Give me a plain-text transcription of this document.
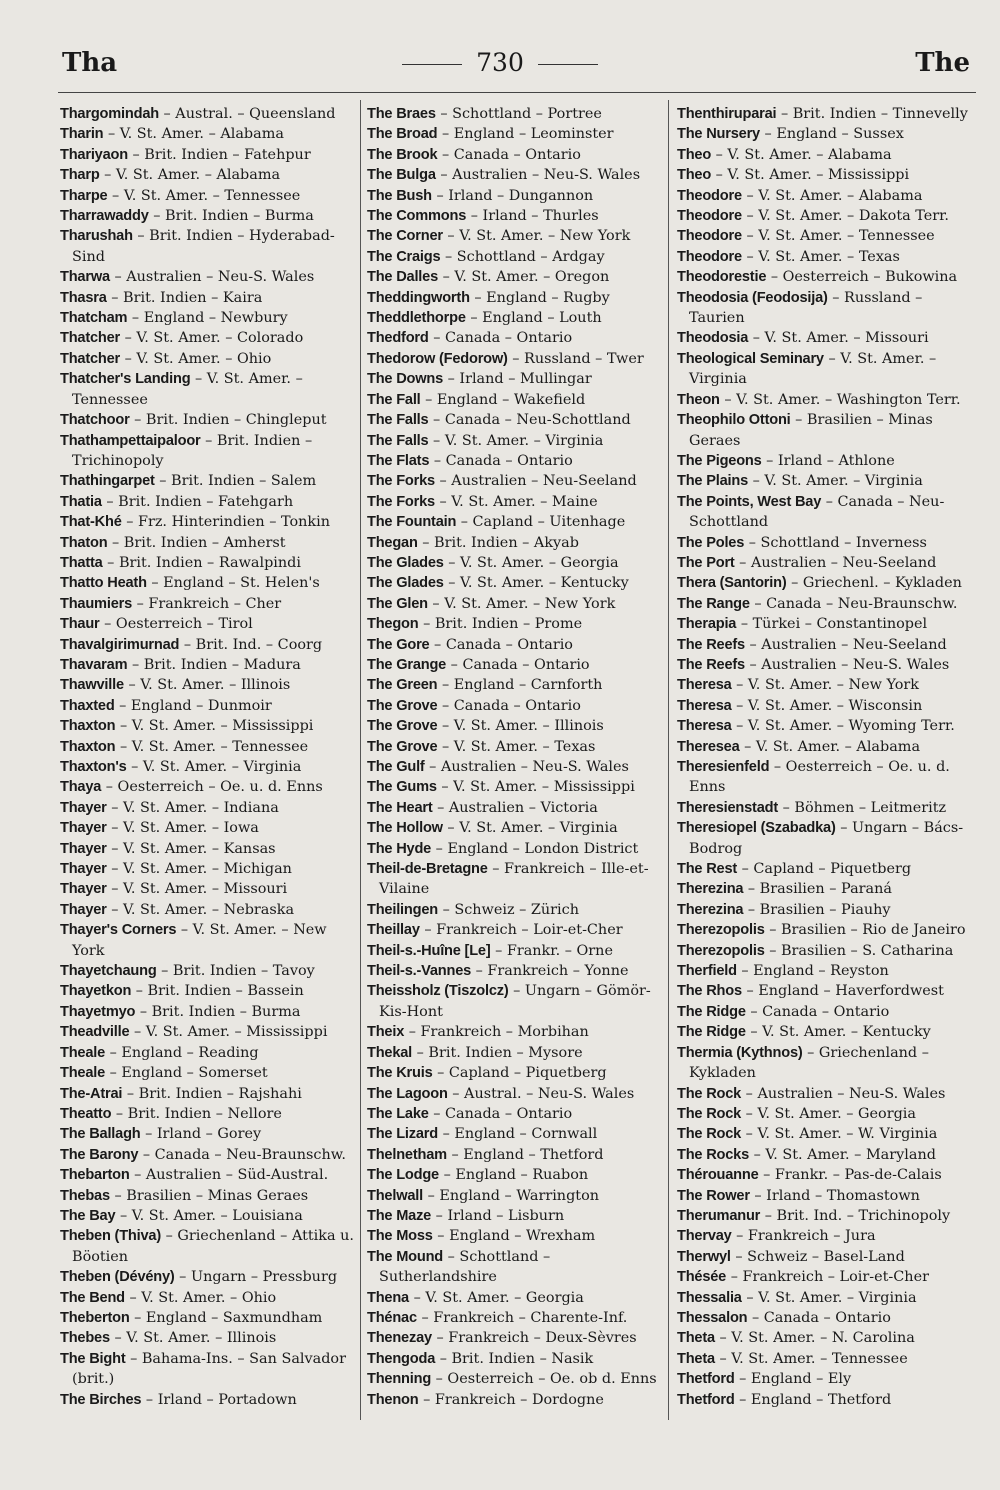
730
Tha	The
Thargomindah – Austral. – Queensland
Tharin – V. St. Amer. – Alabama
Thariyaon – Brit. Indien – Fatehpur
Tharp – V. St. Amer. – Alabama
Tharpe – V. St. Amer. – Tennessee
Tharrawaddy – Brit. Indien – Burma
Tharushah – Brit. Indien – Hyderabad-Sind
Tharwa – Australien – Neu-S. Wales
Thasra – Brit. Indien – Kaira
Thatcham – England – Newbury
Thatcher – V. St. Amer. – Colorado
Thatcher – V. St. Amer. – Ohio
Thatcher's Landing – V. St. Amer. – Tennessee
Thatchoor – Brit. Indien – Chingleput
Thathampettaipaloor – Brit. Indien – Trichinopoly
Thathingarpet – Brit. Indien – Salem
Thatia – Brit. Indien – Fatehgarh
That-Khé – Frz. Hinterindien – Tonkin
Thaton – Brit. Indien – Amherst
Thatta – Brit. Indien – Rawalpindi
Thatto Heath – England – St. Helen's
Thaumiers – Frankreich – Cher
Thaur – Oesterreich – Tirol
Thavalgirimurnad – Brit. Ind. – Coorg
Thavaram – Brit. Indien – Madura
Thawville – V. St. Amer. – Illinois
Thaxted – England – Dunmoir
Thaxton – V. St. Amer. – Mississippi
Thaxton – V. St. Amer. – Tennessee
Thaxton's – V. St. Amer. – Virginia
Thaya – Oesterreich – Oe. u. d. Enns
Thayer – V. St. Amer. – Indiana
Thayer – V. St. Amer. – Iowa
Thayer – V. St. Amer. – Kansas
Thayer – V. St. Amer. – Michigan
Thayer – V. St. Amer. – Missouri
Thayer – V. St. Amer. – Nebraska
Thayer's Corners – V. St. Amer. – New York
Thayetchaung – Brit. Indien – Tavoy
Thayetkon – Brit. Indien – Bassein
Thayetmyo – Brit. Indien – Burma
Theadville – V. St. Amer. – Mississippi
Theale – England – Reading
Theale – England – Somerset
The-Atrai – Brit. Indien – Rajshahi
Theatto – Brit. Indien – Nellore
The Ballagh – Irland – Gorey
The Barony – Canada – Neu-Braunschw.
Thebarton – Australien – Süd-Austral.
Thebas – Brasilien – Minas Geraes
The Bay – V. St. Amer. – Louisiana
Theben (Thiva) – Griechenland – Attika u. Böotien
Theben (Dévény) – Ungarn – Pressburg
The Bend – V. St. Amer. – Ohio
Theberton – England – Saxmundham
Thebes – V. St. Amer. – Illinois
The Bight – Bahama-Ins. – San Salvador (brit.)
The Birches – Irland – Portadown
The Braes – Schottland – Portree
The Broad – England – Leominster
The Brook – Canada – Ontario
The Bulga – Australien – Neu-S. Wales
The Bush – Irland – Dungannon
The Commons – Irland – Thurles
The Corner – V. St. Amer. – New York
The Craigs – Schottland – Ardgay
The Dalles – V. St. Amer. – Oregon
Theddingworth – England – Rugby
Theddlethorpe – England – Louth
Thedford – Canada – Ontario
Thedorow (Fedorow) – Russland – Twer
The Downs – Irland – Mullingar
The Fall – England – Wakefield
The Falls – Canada – Neu-Schottland
The Falls – V. St. Amer. – Virginia
The Flats – Canada – Ontario
The Forks – Australien – Neu-Seeland
The Forks – V. St. Amer. – Maine
The Fountain – Capland – Uitenhage
Thegan – Brit. Indien – Akyab
The Glades – V. St. Amer. – Georgia
The Glades – V. St. Amer. – Kentucky
The Glen – V. St. Amer. – New York
Thegon – Brit. Indien – Prome
The Gore – Canada – Ontario
The Grange – Canada – Ontario
The Green – England – Carnforth
The Grove – Canada – Ontario
The Grove – V. St. Amer. – Illinois
The Grove – V. St. Amer. – Texas
The Gulf – Australien – Neu-S. Wales
The Gums – V. St. Amer. – Mississippi
The Heart – Australien – Victoria
The Hollow – V. St. Amer. – Virginia
The Hyde – England – London District
Theil-de-Bretagne – Frankreich – Ille-et-Vilaine
Theilingen – Schweiz – Zürich
Theillay – Frankreich – Loir-et-Cher
Theil-s.-Huîne [Le] – Frankr. – Orne
Theil-s.-Vannes – Frankreich – Yonne
Theissholz (Tiszolcz) – Ungarn – Gömör-Kis-Hont
Theix – Frankreich – Morbihan
Thekal – Brit. Indien – Mysore
The Kruis – Capland – Piquetberg
The Lagoon – Austral. – Neu-S. Wales
The Lake – Canada – Ontario
The Lizard – England – Cornwall
Thelnetham – England – Thetford
The Lodge – England – Ruabon
Thelwall – England – Warrington
The Maze – Irland – Lisburn
The Moss – England – Wrexham
The Mound – Schottland – Sutherlandshire
Thena – V. St. Amer. – Georgia
Thénac – Frankreich – Charente-Inf.
Thenezay – Frankreich – Deux-Sèvres
Thengoda – Brit. Indien – Nasik
Thenning – Oesterreich – Oe. ob d. Enns
Thenon – Frankreich – Dordogne
Thenthiruparai – Brit. Indien – Tinnevelly
The Nursery – England – Sussex
Theo – V. St. Amer. – Alabama
Theo – V. St. Amer. – Mississippi
Theodore – V. St. Amer. – Alabama
Theodore – V. St. Amer. – Dakota Terr.
Theodore – V. St. Amer. – Tennessee
Theodore – V. St. Amer. – Texas
Theodorestie – Oesterreich – Bukowina
Theodosia (Feodosija) – Russland – Taurien
Theodosia – V. St. Amer. – Missouri
Theological Seminary – V. St. Amer. – Virginia
Theon – V. St. Amer. – Washington Terr.
Theophilo Ottoni – Brasilien – Minas Geraes
The Pigeons – Irland – Athlone
The Plains – V. St. Amer. – Virginia
The Points, West Bay – Canada – Neu-Schottland
The Poles – Schottland – Inverness
The Port – Australien – Neu-Seeland
Thera (Santorin) – Griechenl. – Kykladen
The Range – Canada – Neu-Braunschw.
Therapia – Türkei – Constantinopel
The Reefs – Australien – Neu-Seeland
The Reefs – Australien – Neu-S. Wales
Theresa – V. St. Amer. – New York
Theresa – V. St. Amer. – Wisconsin
Theresa – V. St. Amer. – Wyoming Terr.
Theresea – V. St. Amer. – Alabama
Theresienfeld – Oesterreich – Oe. u. d. Enns
Theresienstadt – Böhmen – Leitmeritz
Theresiopel (Szabadka) – Ungarn – Bács-Bodrog
The Rest – Capland – Piquetberg
Therezina – Brasilien – Paraná
Therezina – Brasilien – Piauhy
Therezopolis – Brasilien – Rio de Janeiro
Therezopolis – Brasilien – S. Catharina
Therfield – England – Reyston
The Rhos – England – Haverfordwest
The Ridge – Canada – Ontario
The Ridge – V. St. Amer. – Kentucky
Thermia (Kythnos) – Griechenland – Kykladen
The Rock – Australien – Neu-S. Wales
The Rock – V. St. Amer. – Georgia
The Rock – V. St. Amer. – W. Virginia
The Rocks – V. St. Amer. – Maryland
Thérouanne – Frankr. – Pas-de-Calais
The Rower – Irland – Thomastown
Therumanur – Brit. Ind. – Trichinopoly
Thervay – Frankreich – Jura
Therwyl – Schweiz – Basel-Land
Thésée – Frankreich – Loir-et-Cher
Thessalia – V. St. Amer. – Virginia
Thessalon – Canada – Ontario
Theta – V. St. Amer. – N. Carolina
Theta – V. St. Amer. – Tennessee
Thetford – England – Ely
Thetford – England – Thetford
